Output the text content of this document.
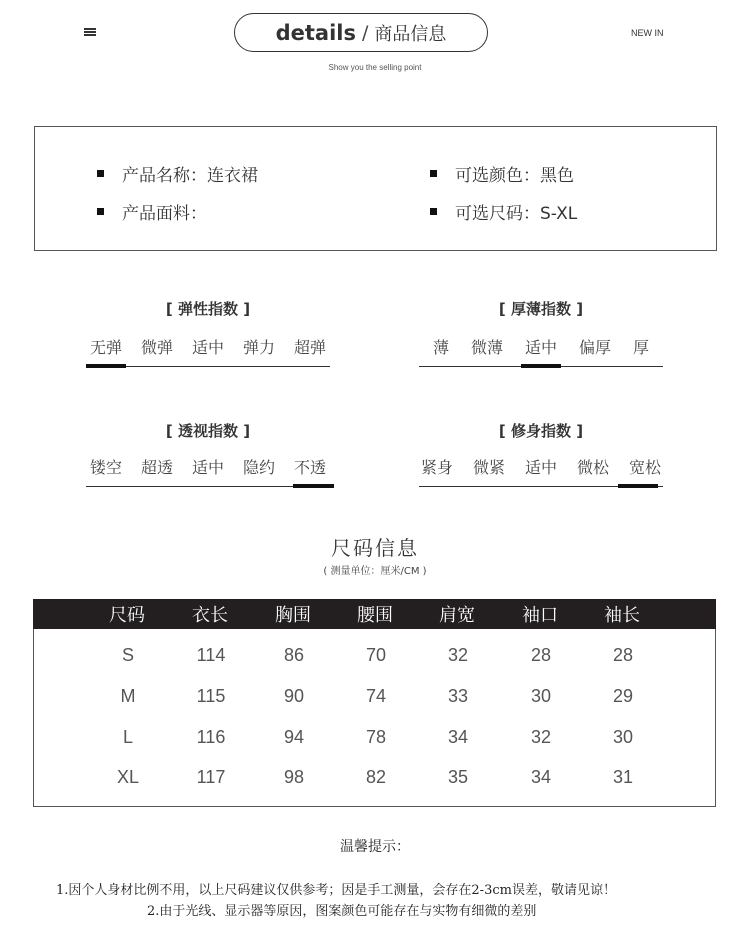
details / 商品信息	NEW IN
Show you the selling point
产品名称：连衣裙
产品面料：
可选颜色：黑色
可选尺码：S-XL
[ 弹性指数 ]
无弹 微弹 适中 弹力 超弹
[ 厚薄指数 ]
薄 微薄 适中 偏厚 厚
[ 透视指数 ]
镂空 超透 适中 隐约 不透
[ 修身指数 ]
紧身 微紧 适中 微松 宽松
尺码信息
( 测量单位：厘米/CM )
尺码	衣长	胸围	腰围	肩宽	袖口	袖长
S	114	86	70	32	28	28
M	115	90	74	33	30	29
L	116	94	78	34	32	30
XL	117	98	82	35	34	31
温馨提示：
1.因个人身材比例不用，以上尺码建议仅供参考；因是手工测量，会存在2-3cm误差，敬请见谅！
2.由于光线、显示器等原因，图案颜色可能存在与实物有细微的差别
